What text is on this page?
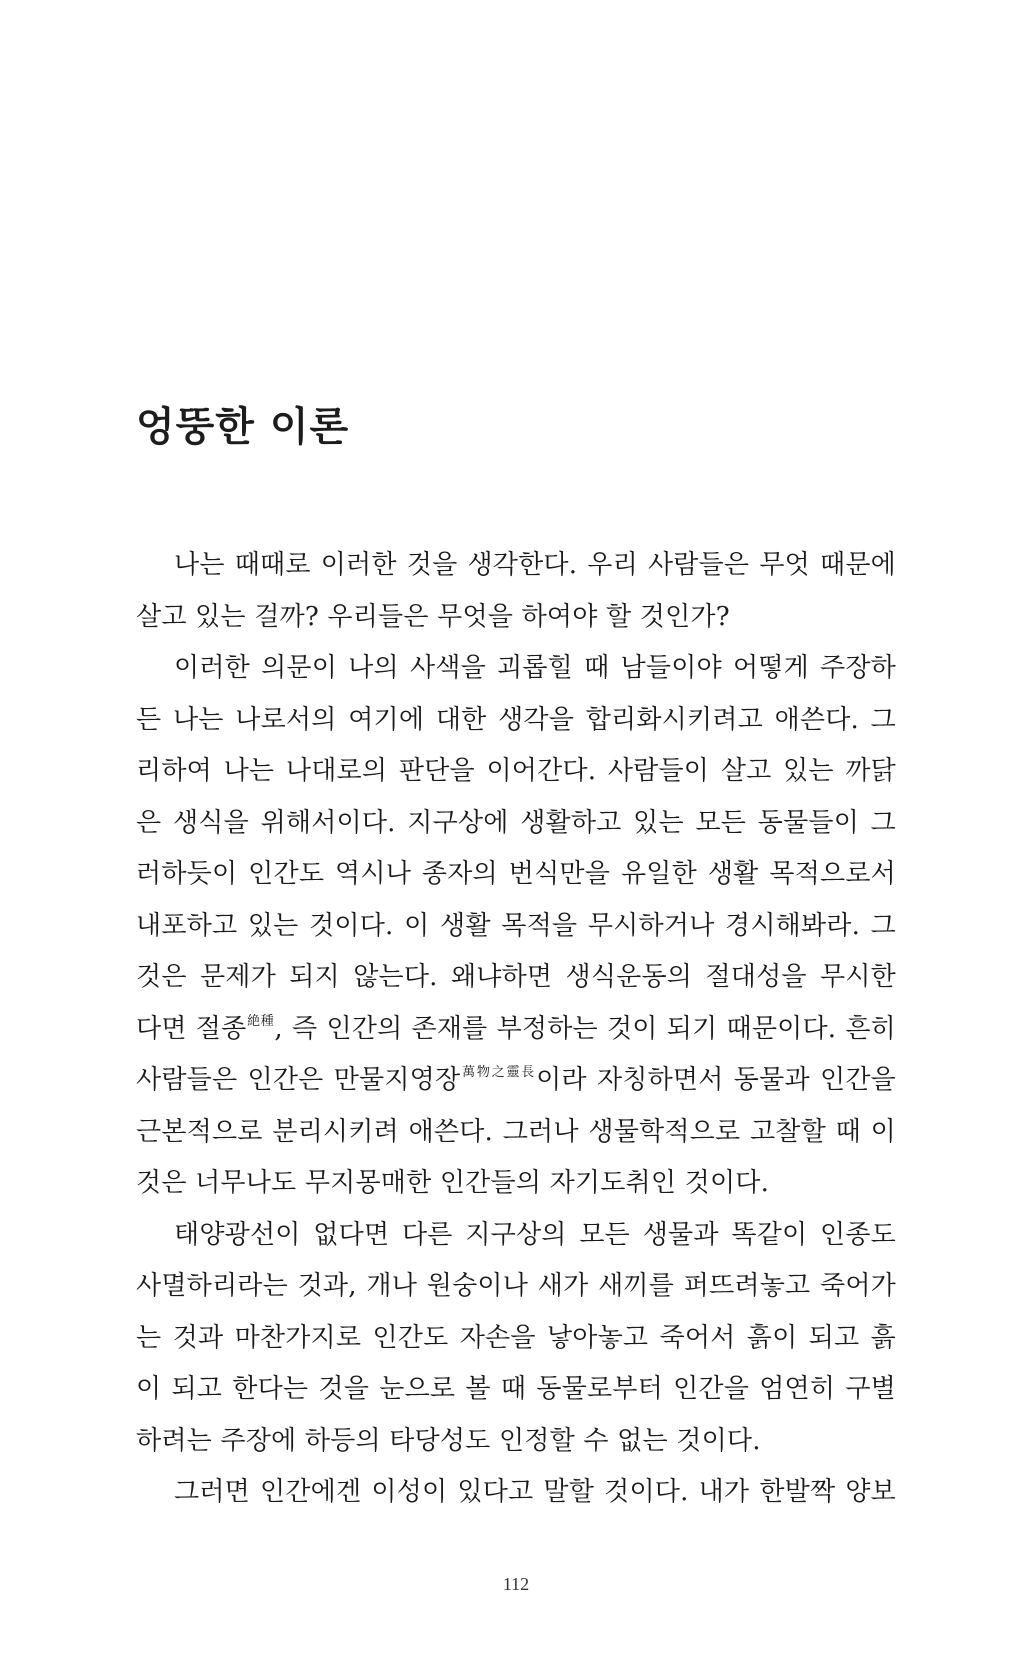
엉뚱한 이론
나는 때때로 이러한 것을 생각한다. 우리 사람들은 무엇 때문에
살고 있는 걸까? 우리들은 무엇을 하여야 할 것인가?
이러한 의문이 나의 사색을 괴롭힐 때 남들이야 어떻게 주장하
든 나는 나로서의 여기에 대한 생각을 합리화시키려고 애쓴다. 그
리하여 나는 나대로의 판단을 이어간다. 사람들이 살고 있는 까닭
은 생식을 위해서이다. 지구상에 생활하고 있는 모든 동물들이 그
러하듯이 인간도 역시나 종자의 번식만을 유일한 생활 목적으로서
내포하고 있는 것이다. 이 생활 목적을 무시하거나 경시해봐라. 그
것은 문제가 되지 않는다. 왜냐하면 생식운동의 절대성을 무시한
다면 절종$^{絶種}$, 즉 인간의 존재를 부정하는 것이 되기 때문이다. 흔히
사람들은 인간은 만물지영장$^{萬物之靈長}$이라 자칭하면서 동물과 인간을
근본적으로 분리시키려 애쓴다. 그러나 생물학적으로 고찰할 때 이
것은 너무나도 무지몽매한 인간들의 자기도취인 것이다.
태양광선이 없다면 다른 지구상의 모든 생물과 똑같이 인종도
사멸하리라는 것과, 개나 원숭이나 새가 새끼를 퍼뜨려놓고 죽어가
는 것과 마찬가지로 인간도 자손을 낳아놓고 죽어서 흙이 되고 흙
이 되고 한다는 것을 눈으로 볼 때 동물로부터 인간을 엄연히 구별
하려는 주장에 하등의 타당성도 인정할 수 없는 것이다.
그러면 인간에겐 이성이 있다고 말할 것이다. 내가 한발짝 양보
112
